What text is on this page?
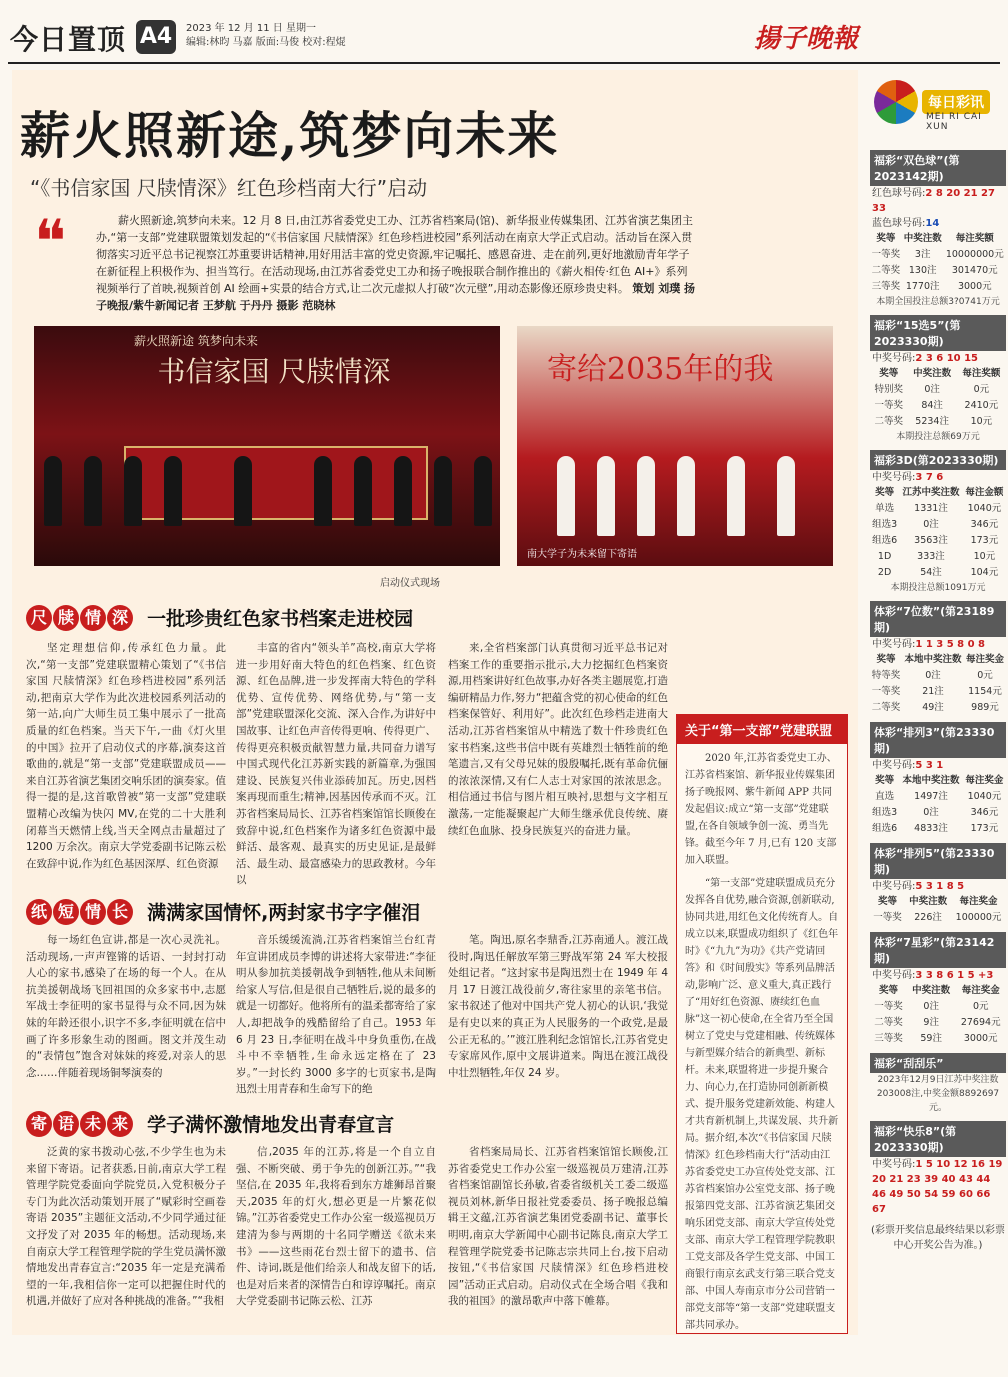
今日置顶 A4	2023 年 12 月 11 日 星期一
编辑:林昀 马嘉 版面:马俊 校对:程焜	揚子晚報
薪火照新途,筑梦向未来
“《书信家国 尺牍情深》红色珍档南大行”启动
❝	薪火照新途,筑梦向未来。12 月 8 日,由江苏省委党史工办、江苏省档案局(馆)、新华报业传媒集团、江苏省演艺集团主办,“第一支部”党建联盟策划发起的“《书信家国 尺牍情深》红色珍档进校园”系列活动在南京大学正式启动。活动旨在深入贯彻落实习近平总书记视察江苏重要讲话精神,用好用活丰富的党史资源,牢记嘱托、感恩奋进、走在前列,更好地激励青年学子在新征程上积极作为、担当笃行。在活动现场,由江苏省委党史工办和扬子晚报联合制作推出的《薪火相传·红色 AI+》系列视频举行了首映,视频首创 AI 绘画+实景的结合方式,让二次元虚拟人打破“次元壁”,用动态影像还原珍贵史料。 策划 刘璞 扬子晚报/紫牛新闻记者 王梦航 于丹丹 摄影 范晓林
薪火照新途 筑梦向未来
书信家国 尺牍情深
启动仪式现场
寄给2035年的我
南大学子为未来留下寄语
尺 牍 情 深 一批珍贵红色家书档案走进校园

坚定理想信仰,传承红色力量。此次,“第一支部”党建联盟精心策划了“《书信家国 尺牍情深》红色珍档进校园”系列活动,把南京大学作为此次进校园系列活动的第一站,向广大师生员工集中展示了一批高质量的红色档案。当天下午,一曲《灯火里的中国》拉开了启动仪式的序幕,演奏这首歌曲的,就是“第一支部”党建联盟成员——来自江苏省演艺集团交响乐团的演奏家。值得一提的是,这首歌曾被“第一支部”党建联盟精心改编为快闪 MV,在党的二十大胜利闭幕当天燃情上线,当天全网点击量超过了 1200 万余次。南京大学党委副书记陈云松在致辞中说,作为红色基因深厚、红色资源

丰富的省内“领头羊”高校,南京大学将进一步用好南大特色的红色档案、红色资源、红色品牌,进一步发挥南大特色的学科优势、宣传优势、网络优势,与“第一支部”党建联盟深化交流、深入合作,为讲好中国故事、让红色声音传得更响、传得更广、传得更亮积极贡献智慧力量,共同奋力谱写中国式现代化江苏新实践的新篇章,为强国建设、民族复兴伟业添砖加瓦。历史,因档案再现而重生;精神,因基因传承而不灭。江苏省档案局局长、江苏省档案馆馆长顾俊在致辞中说,红色档案作为诸多红色资源中最鲜活、最客观、最真实的历史见证,是最鲜活、最生动、最富感染力的思政教材。今年以

来,全省档案部门认真贯彻习近平总书记对档案工作的重要指示批示,大力挖掘红色档案资源,用档案讲好红色故事,办好各类主题展览,打造编研精品力作,努力“把蕴含党的初心使命的红色档案保管好、利用好”。此次红色珍档走进南大活动,江苏省档案馆从中精选了数十件珍贵红色家书档案,这些书信中既有英雄烈士牺牲前的绝笔遗言,又有父母兄妹的殷殷嘱托,既有革命伉俪的浓浓深情,又有仁人志士对家国的浓浓思念。相信通过书信与图片相互映衬,思想与文字相互激荡,一定能凝聚起广大师生继承优良传统、赓续红色血脉、投身民族复兴的奋进力量。

关于“第一支部”党建联盟

2020 年,江苏省委党史工办、江苏省档案馆、新华报业传媒集团扬子晚报网、紫牛新闻 APP 共同发起倡议:成立“第一支部”党建联盟,在各自领域争创一流、勇当先锋。截至今年 7 月,已有 120 支部加入联盟。

“第一支部”党建联盟成员充分发挥各自优势,融合资源,创新联动,协同共进,用红色文化传统育人。自成立以来,联盟成功组织了《红色年时》《“九九”为功》《共产党请回答》和《时间殷实》等系列品牌活动,影响广泛、意义重大,真正践行了“用好红色资源、赓续红色血脉”这一初心使命,在全省乃至全国树立了党史与党建相融、传统媒体与新型媒介结合的新典型、新标杆。未来,联盟将进一步提升聚合力、向心力,在打造协同创新新模式、提升服务党建新效能、构建人才共育新机制上,共谋发展、共升新局。据介绍,本次“《书信家国 尺牍情深》红色珍档南大行”活动由江苏省委党史工办宣传处党支部、江苏省档案馆办公室党支部、扬子晚报第四党支部、江苏省演艺集团交响乐团党支部、南京大学宣传处党支部、南京大学工程管理学院教职工党支部及各学生党支部、中国工商银行南京玄武支行第三联合党支部、中国人寿南京市分公司营销一部党支部等“第一支部”党建联盟支部共同承办。

纸 短 情 长 满满家国情怀,两封家书字字催泪

每一场红色宣讲,都是一次心灵洗礼。活动现场,一声声铿锵的话语、一封封打动人心的家书,感染了在场的每一个人。在从抗美援朝战场飞回祖国的众多家书中,志愿军战士李征明的家书显得与众不同,因为妹妹的年龄还很小,识字不多,李征明就在信中画了许多形象生动的图画。图文并茂生动的“表情包”饱含对妹妹的疼爱,对亲人的思念……伴随着现场铜琴演奏的

音乐缓缓流淌,江苏省档案馆兰台红青年宣讲团成员李博的讲述将大家带进:“李征明从参加抗美援朝战争到牺牲,他从未间断给家人写信,但是很自己牺牲后,说的最多的就是一切都好。他将所有的温柔都寄给了家人,却把战争的残酷留给了自己。1953 年 6 月 23 日,李征明在战斗中身负重伤,在战斗中不幸牺牲,生命永远定格在了 23 岁。”一封长约 3000 多字的七页家书,是陶迅烈士用青春和生命写下的绝

笔。陶迅,原名李鼎香,江苏南通人。渡江战役时,陶迅任解放军第三野战军第 24 军大校报处组记者。“这封家书是陶迅烈士在 1949 年 4 月 17 日渡江战役前夕,寄往家里的亲笔书信。家书叙述了他对中国共产党人初心的认识,‘我觉是有史以来的真正为人民服务的一个政党,是最公正无私的。’”渡江胜利纪念馆馆长,江苏省党史专家席风作,原中文展讲道来。陶迅在渡江战役中壮烈牺牲,年仅 24 岁。

寄 语 未 来 学子满怀激情地发出青春宣言

泛黄的家书拨动心弦,不少学生也为未来留下寄语。记者获悉,日前,南京大学工程管理学院党委面向学院党员,入党积极分子专门为此次活动策划开展了“赋彩时空画卷 寄语 2035”主题征文活动,不少同学通过征文抒发了对 2035 年的畅想。活动现场,来自南京大学工程管理学院的学生党员满怀激情地发出青春宣言:“2035 年一定是充满希望的一年,我相信你一定可以把握住时代的机遇,并做好了应对各种挑战的准备。”“我相

信,2035 年的江苏,将是一个自立自强、不断突破、勇于争先的创新江苏。”“我坚信,在 2035 年,我将看到东方雄狮昂首聚天,2035 年的灯火,想必更是一片繁花似锦。”江苏省委党史工作办公室一级巡视员万建清为参与两期的十名同学赠送《欲未来书》——这些雨花台烈士留下的遗书、信件、诗词,既是他们给亲人和战友留下的话,也是对后来者的深情告白和谆谆嘱托。南京大学党委副书记陈云松、江苏

省档案局局长、江苏省档案馆馆长顾俊,江苏省委党史工作办公室一级巡视员万建清,江苏省档案馆副馆长孙敏,省委省级机关工委二级巡视员刘林,新华日报社党委委员、扬子晚报总编辑王文蕴,江苏省演艺集团党委副书记、董事长明明,南京大学新闻中心副书记陈良,南京大学工程管理学院党委书记陈志宗共同上台,按下启动按钮,“《书信家国 尺牍情深》红色珍档进校园”活动正式启动。启动仪式在全场合唱《我和我的祖国》的激昂歌声中落下帷幕。

每日彩讯
MEI RI CAI XUN
福彩“双色球”(第2023142期)
红色球号码:2 8 20 21 27 33
蓝色球号码:14
奖等	中奖注数	每注奖额
一等奖	3注	10000000元
二等奖	130注	301470元
三等奖	1770注	3000元
本期全国投注总额3?0741万元
福彩“15选5”(第2023330期)
中奖号码:2 3 6 10 15
奖等	中奖注数	每注奖额
特别奖	0注	0元
一等奖	84注	2410元
二等奖	5234注	10元
本期投注总额69万元
福彩3D(第2023330期)
中奖号码:3 7 6
奖等	江苏中奖注数	每注金额
单选	1331注	1040元
组选3	0注	346元
组选6	3563注	173元
1D	333注	10元
2D	54注	104元
本期投注总额1091万元
体彩“7位数”(第23189期)
中奖号码:1 1 3 5 8 0 8
奖等	本地中奖注数	每注奖金
特等奖	0注	0元
一等奖	21注	1154元
二等奖	49注	989元
体彩“排列3”(第23330期)
中奖号码:5 3 1
奖等	本地中奖注数	每注奖金
直选	1497注	1040元
组选3	0注	346元
组选6	4833注	173元
体彩“排列5”(第23330期)
中奖号码:5 3 1 8 5
奖等	中奖注数	每注奖金
一等奖	226注	100000元
体彩“7星彩”(第23142期)
中奖号码:3 3 8 6 1 5 +3
奖等	中奖注数	每注奖金
一等奖	0注	0元
二等奖	9注	27694元
三等奖	59注	3000元
福彩“刮刮乐”
2023年12月9日江苏中奖注数203008注,中奖金额8892697元。
福彩“快乐8”(第2023330期)
中奖号码:1 5 10 12 16 19 20 21 23 39 40 43 44 46 49 50 54 59 60 66 67
(彩票开奖信息最终结果以彩票中心开奖公告为准。)
